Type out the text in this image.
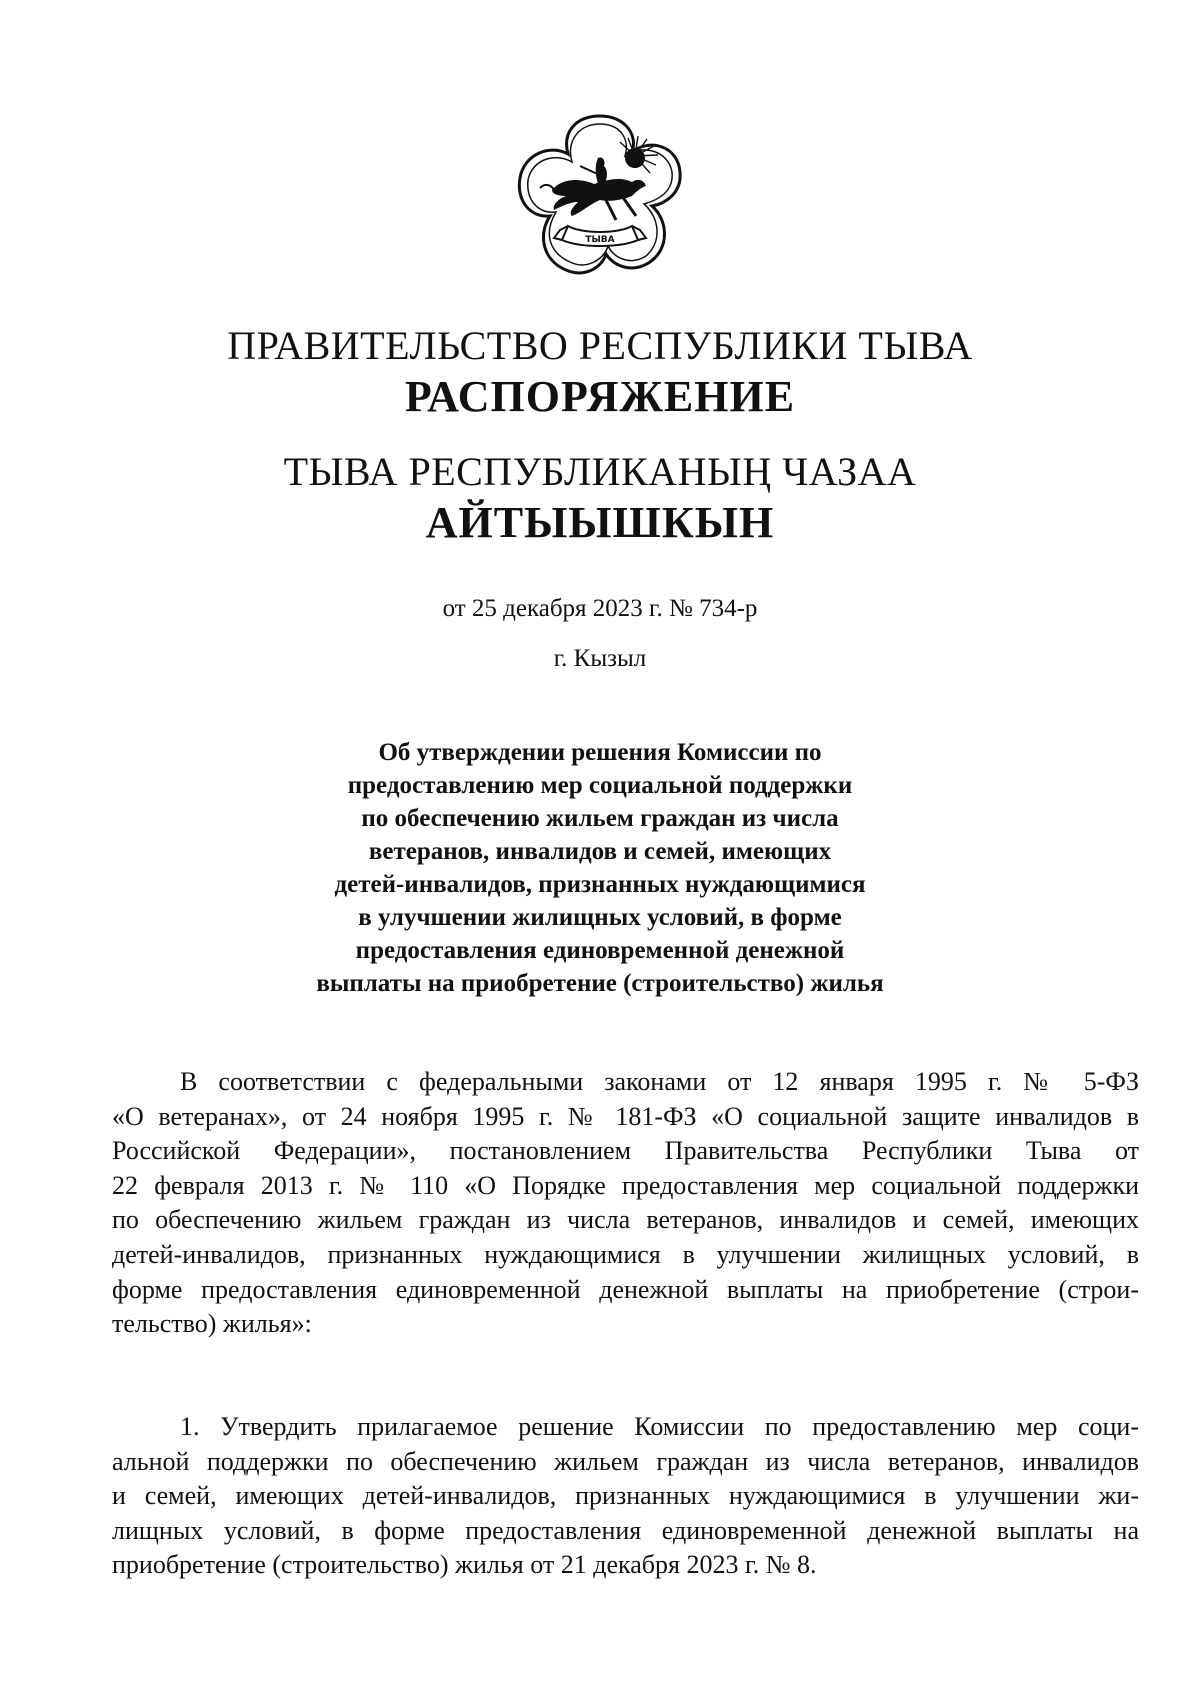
ТЫВА
ПРАВИТЕЛЬСТВО РЕСПУБЛИКИ ТЫВА
РАСПОРЯЖЕНИЕ
ТЫВА РЕСПУБЛИКАНЫҢ ЧАЗАА
АЙТЫЫШКЫН
от 25 декабря 2023 г. № 734-р
г. Кызыл
Об утверждении решения Комиссии по
предоставлению мер социальной поддержки
по обеспечению жильем граждан из числа
ветеранов, инвалидов и семей, имеющих
детей-инвалидов, признанных нуждающимися
в улучшении жилищных условий, в форме
предоставления единовременной денежной
выплаты на приобретение (строительство) жилья
В соответствии с федеральными законами от 12 января 1995 г. № 5-ФЗ
«О ветеранах», от 24 ноября 1995 г. № 181-ФЗ «О социальной защите инвалидов в
Российской Федерации», постановлением Правительства Республики Тыва от
22 февраля 2013 г. № 110 «О Порядке предоставления мер социальной поддержки
по обеспечению жильем граждан из числа ветеранов, инвалидов и семей, имеющих
детей-инвалидов, признанных нуждающимися в улучшении жилищных условий, в
форме предоставления единовременной денежной выплаты на приобретение (строи-
тельство) жилья»:
1. Утвердить прилагаемое решение Комиссии по предоставлению мер соци-
альной поддержки по обеспечению жильем граждан из числа ветеранов, инвалидов
и семей, имеющих детей-инвалидов, признанных нуждающимися в улучшении жи-
лищных условий, в форме предоставления единовременной денежной выплаты на
приобретение (строительство) жилья от 21 декабря 2023 г. № 8.
